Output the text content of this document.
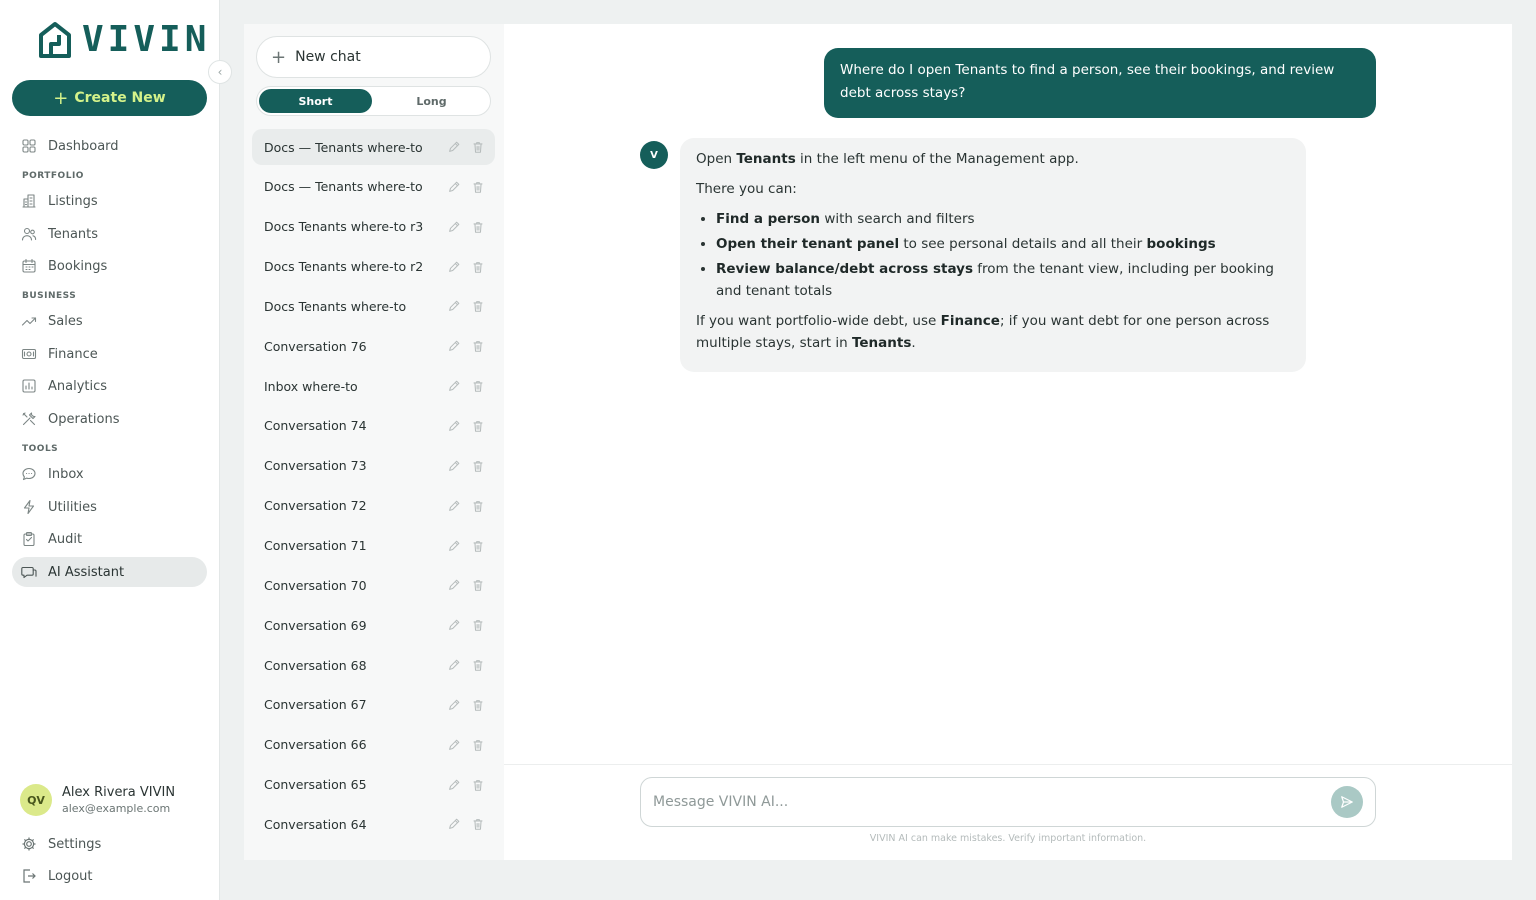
VIVIN
+ Create New
Dashboard
PORTFOLIO
Listings
Tenants
Bookings
BUSINESS
Sales
Finance
Analytics
Operations
TOOLS
Inbox
Utilities
Audit
AI Assistant
QV	Alex Rivera VIVIN
alex@example.com
Settings
Logout
‹
+ New chat
Short	Long
Docs — Tenants where-to
Docs — Tenants where-to
Docs Tenants where-to r3
Docs Tenants where-to r2
Docs Tenants where-to
Conversation 76
Inbox where-to
Conversation 74
Conversation 73
Conversation 72
Conversation 71
Conversation 70
Conversation 69
Conversation 68
Conversation 67
Conversation 66
Conversation 65
Conversation 64
Where do I open Tenants to find a person, see their bookings, and review debt across stays?
V	Open Tenants in the left menu of the Management app.

There you can:

• Find a person with search and filters
• Open their tenant panel to see personal details and all their bookings
• Review balance/debt across stays from the tenant view, including per booking and tenant totals

If you want portfolio-wide debt, use Finance; if you want debt for one person across multiple stays, start in Tenants.

Message VIVIN AI...
VIVIN AI can make mistakes. Verify important information.
